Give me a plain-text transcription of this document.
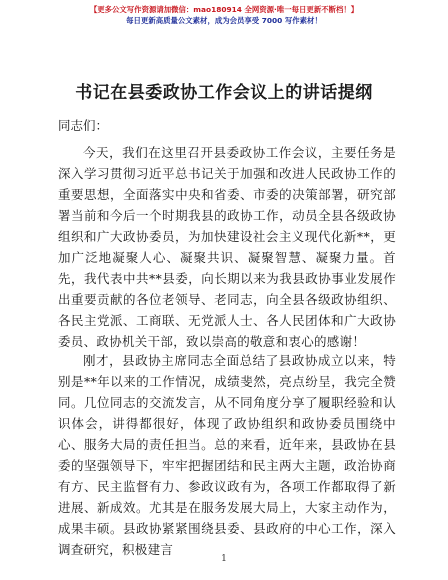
【更多公文写作资源请加微信：mao180914 全网资源·唯一每日更新不断档！】
每日更新高质量公文素材，成为会员享受 7000 写作素材！
书记在县委政协工作会议上的讲话提纲
同志们：

今天，我们在这里召开县委政协工作会议，主要任务是深入学习贯彻习近平总书记关于加强和改进人民政协工作的重要思想，全面落实中央和省委、市委的决策部署，研究部署当前和今后一个时期我县的政协工作，动员全县各级政协组织和广大政协委员，为加快建设社会主义现代化新**，更加广泛地凝聚人心、凝聚共识、凝聚智慧、凝聚力量。首先，我代表中共**县委，向长期以来为我县政协事业发展作出重要贡献的各位老领导、老同志，向全县各级政协组织、各民主党派、工商联、无党派人士、各人民团体和广大政协委员、政协机关干部，致以崇高的敬意和衷心的感谢！

刚才，县政协主席同志全面总结了县政协成立以来，特别是**年以来的工作情况，成绩斐然，亮点纷呈，我完全赞同。几位同志的交流发言，从不同角度分享了履职经验和认识体会，讲得都很好，体现了政协组织和政协委员围绕中心、服务大局的责任担当。总的来看，近年来，县政协在县委的坚强领导下，牢牢把握团结和民主两大主题，政治协商有方、民主监督有力、参政议政有为，各项工作都取得了新进展、新成效。尤其是在服务发展大局上，大家主动作为，成果丰硕。县政协紧紧围绕县委、县政府的中心工作，深入调查研究，积极建言

1
